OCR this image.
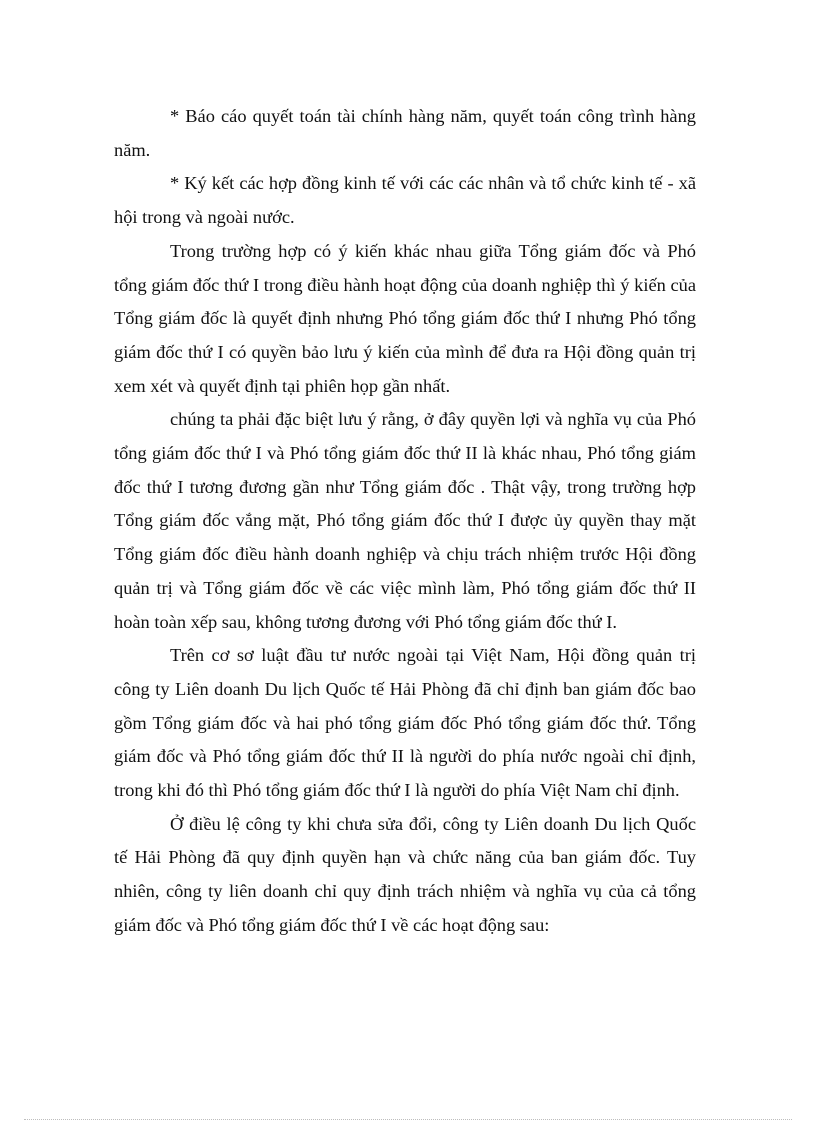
* Báo cáo quyết toán tài chính hàng năm, quyết toán công trình hàng năm.

* Ký kết các hợp đồng kinh tế với các các nhân và tổ chức kinh tế - xã hội trong và ngoài nước.

Trong trường hợp có ý kiến khác nhau giữa Tổng giám đốc và Phó tổng giám đốc thứ I trong điều hành hoạt động của doanh nghiệp thì ý kiến của Tổng giám đốc là quyết định nhưng Phó tổng giám đốc thứ I nhưng Phó tổng giám đốc thứ I có quyền bảo lưu ý kiến của mình để đưa ra Hội đồng quản trị xem xét và quyết định tại phiên họp gần nhất.

chúng ta phải đặc biệt lưu ý rằng, ở đây quyền lợi và nghĩa vụ của Phó tổng giám đốc thứ I và Phó tổng giám đốc thứ II là khác nhau, Phó tổng giám đốc thứ I tương đương gần như Tổng giám đốc . Thật vậy, trong trường hợp Tổng giám đốc vắng mặt, Phó tổng giám đốc thứ I được ủy quyền thay mặt Tổng giám đốc điều hành doanh nghiệp và chịu trách nhiệm trước Hội đồng quản trị và Tổng giám đốc về các việc mình làm, Phó tổng giám đốc thứ II hoàn toàn xếp sau, không tương đương với Phó tổng giám đốc thứ I.

Trên cơ sơ luật đầu tư nước ngoài tại Việt Nam, Hội đồng quản trị công ty Liên doanh Du lịch Quốc tế Hải Phòng đã chỉ định ban giám đốc bao gồm Tổng giám đốc và hai phó tổng giám đốc Phó tổng giám đốc thứ. Tổng giám đốc và Phó tổng giám đốc thứ II là người do phía nước ngoài chỉ định, trong khi đó thì Phó tổng giám đốc thứ I là người do phía Việt Nam chỉ định.

Ở điều lệ công ty khi chưa sửa đổi, công ty Liên doanh Du lịch Quốc tế Hải Phòng đã quy định quyền hạn và chức năng của ban giám đốc. Tuy nhiên, công ty liên doanh chỉ quy định trách nhiệm và nghĩa vụ của cả tổng giám đốc và Phó tổng giám đốc thứ I về các hoạt động sau:
